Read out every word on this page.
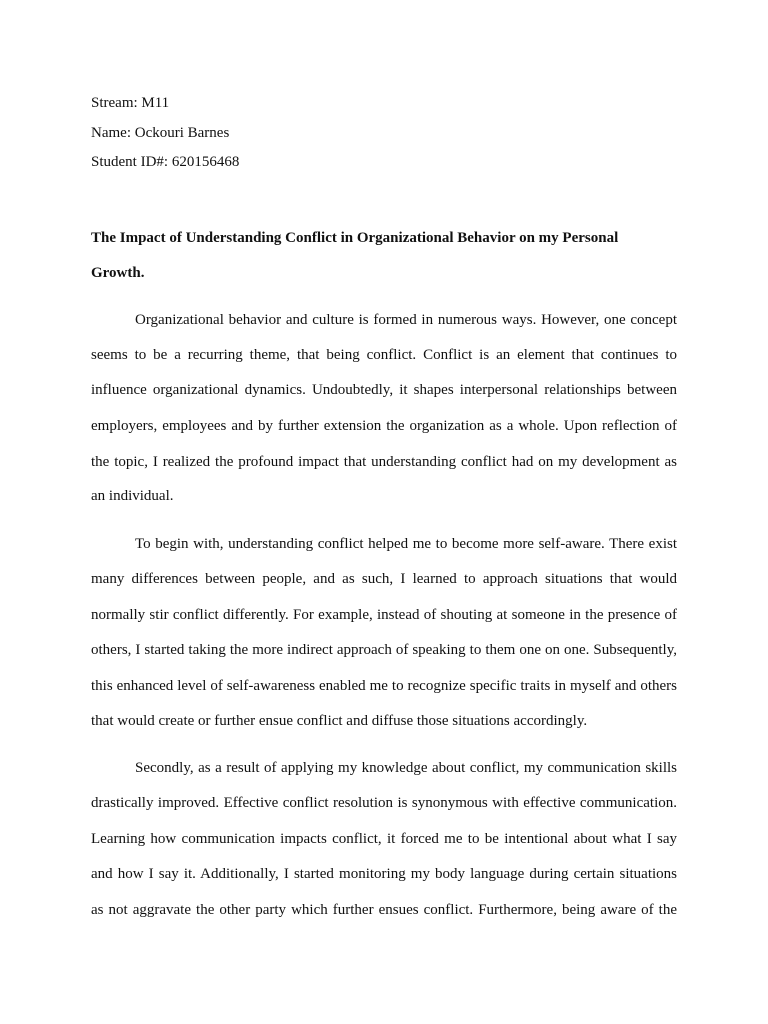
Stream: M11
Name: Ockouri Barnes
Student ID#: 620156468
The Impact of Understanding Conflict in Organizational Behavior on my Personal
Growth.
Organizational behavior and culture is formed in numerous ways. However, one concept
seems to be a recurring theme, that being conflict. Conflict is an element that continues to
influence organizational dynamics. Undoubtedly, it shapes interpersonal relationships between
employers, employees and by further extension the organization as a whole. Upon reflection of
the topic, I realized the profound impact that understanding conflict had on my development as
an individual.
To begin with, understanding conflict helped me to become more self-aware. There exist
many differences between people, and as such, I learned to approach situations that would
normally stir conflict differently. For example, instead of shouting at someone in the presence of
others, I started taking the more indirect approach of speaking to them one on one. Subsequently,
this enhanced level of self-awareness enabled me to recognize specific traits in myself and others
that would create or further ensue conflict and diffuse those situations accordingly.
Secondly, as a result of applying my knowledge about conflict, my communication skills
drastically improved. Effective conflict resolution is synonymous with effective communication.
Learning how communication impacts conflict, it forced me to be intentional about what I say
and how I say it. Additionally, I started monitoring my body language during certain situations
as not aggravate the other party which further ensues conflict. Furthermore, being aware of the
